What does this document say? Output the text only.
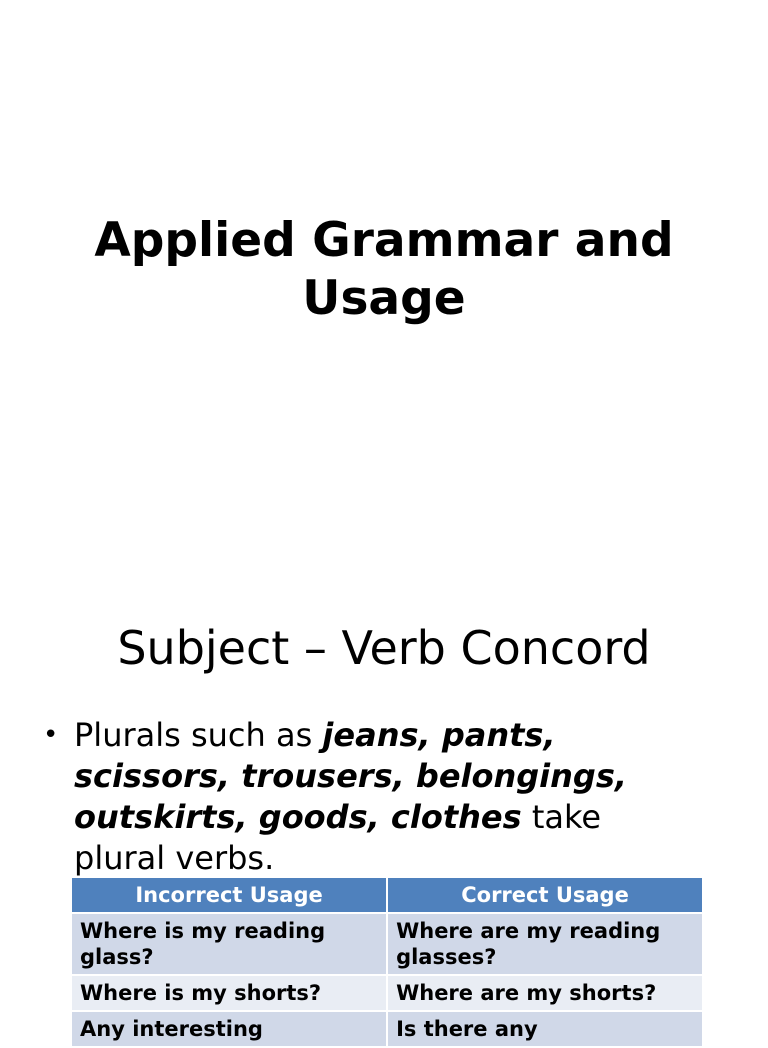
Applied Grammar and
Usage
Subject – Verb Concord
• Plurals such as jeans, pants,
scissors, trousers, belongings,
outskirts, goods, clothes take
plural verbs.
Incorrect Usage	Correct Usage
Where is my reading glass?	Where are my reading glasses?
Where is my shorts?	Where are my shorts?
Any interesting	Is there any
